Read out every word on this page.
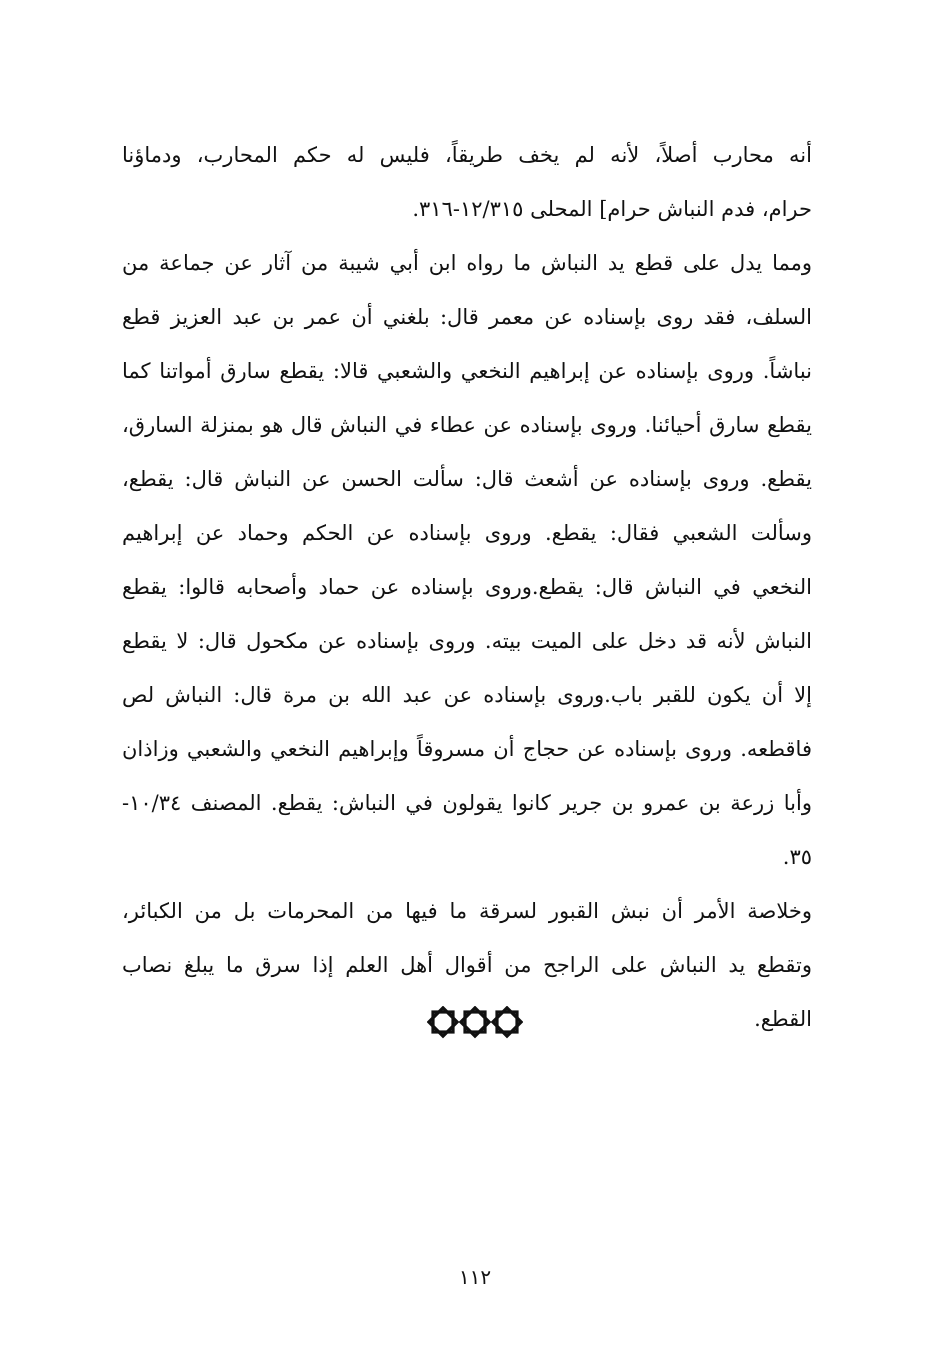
أنه محارب أصلاً، لأنه لم يخف طريقاً، فليس له حكم المحارب، ودماؤنا
حرام، فدم النباش حرام] المحلى ١٢/٣١٥-٣١٦.
ومما يدل على قطع يد النباش ما رواه ابن أبي شيبة من آثار عن جماعة من
السلف، فقد روى بإسناده عن معمر قال: بلغني أن عمر بن عبد العزيز قطع
نباشاً. وروى بإسناده عن إبراهيم النخعي والشعبي قالا: يقطع سارق أمواتنا كما
يقطع سارق أحيائنا. وروى بإسناده عن عطاء في النباش قال هو بمنزلة السارق،
يقطع. وروى بإسناده عن أشعث قال: سألت الحسن عن النباش قال: يقطع،
وسألت الشعبي فقال: يقطع. وروى بإسناده عن الحكم وحماد عن إبراهيم
النخعي في النباش قال: يقطع.وروى بإسناده عن حماد وأصحابه قالوا: يقطع
النباش لأنه قد دخل على الميت بيته. وروى بإسناده عن مكحول قال: لا يقطع
إلا أن يكون للقبر باب.وروى بإسناده عن عبد الله بن مرة قال: النباش لص
فاقطعه. وروى بإسناده عن حجاج أن مسروقاً وإبراهيم النخعي والشعبي وزاذان
وأبا زرعة بن عمرو بن جرير كانوا يقولون في النباش: يقطع. المصنف ١٠/٣٤-
٣٥.
وخلاصة الأمر أن نبش القبور لسرقة ما فيها من المحرمات بل من الكبائر،
وتقطع يد النباش على الراجح من أقوال أهل العلم إذا سرق ما يبلغ نصاب
القطع.
١١٢
